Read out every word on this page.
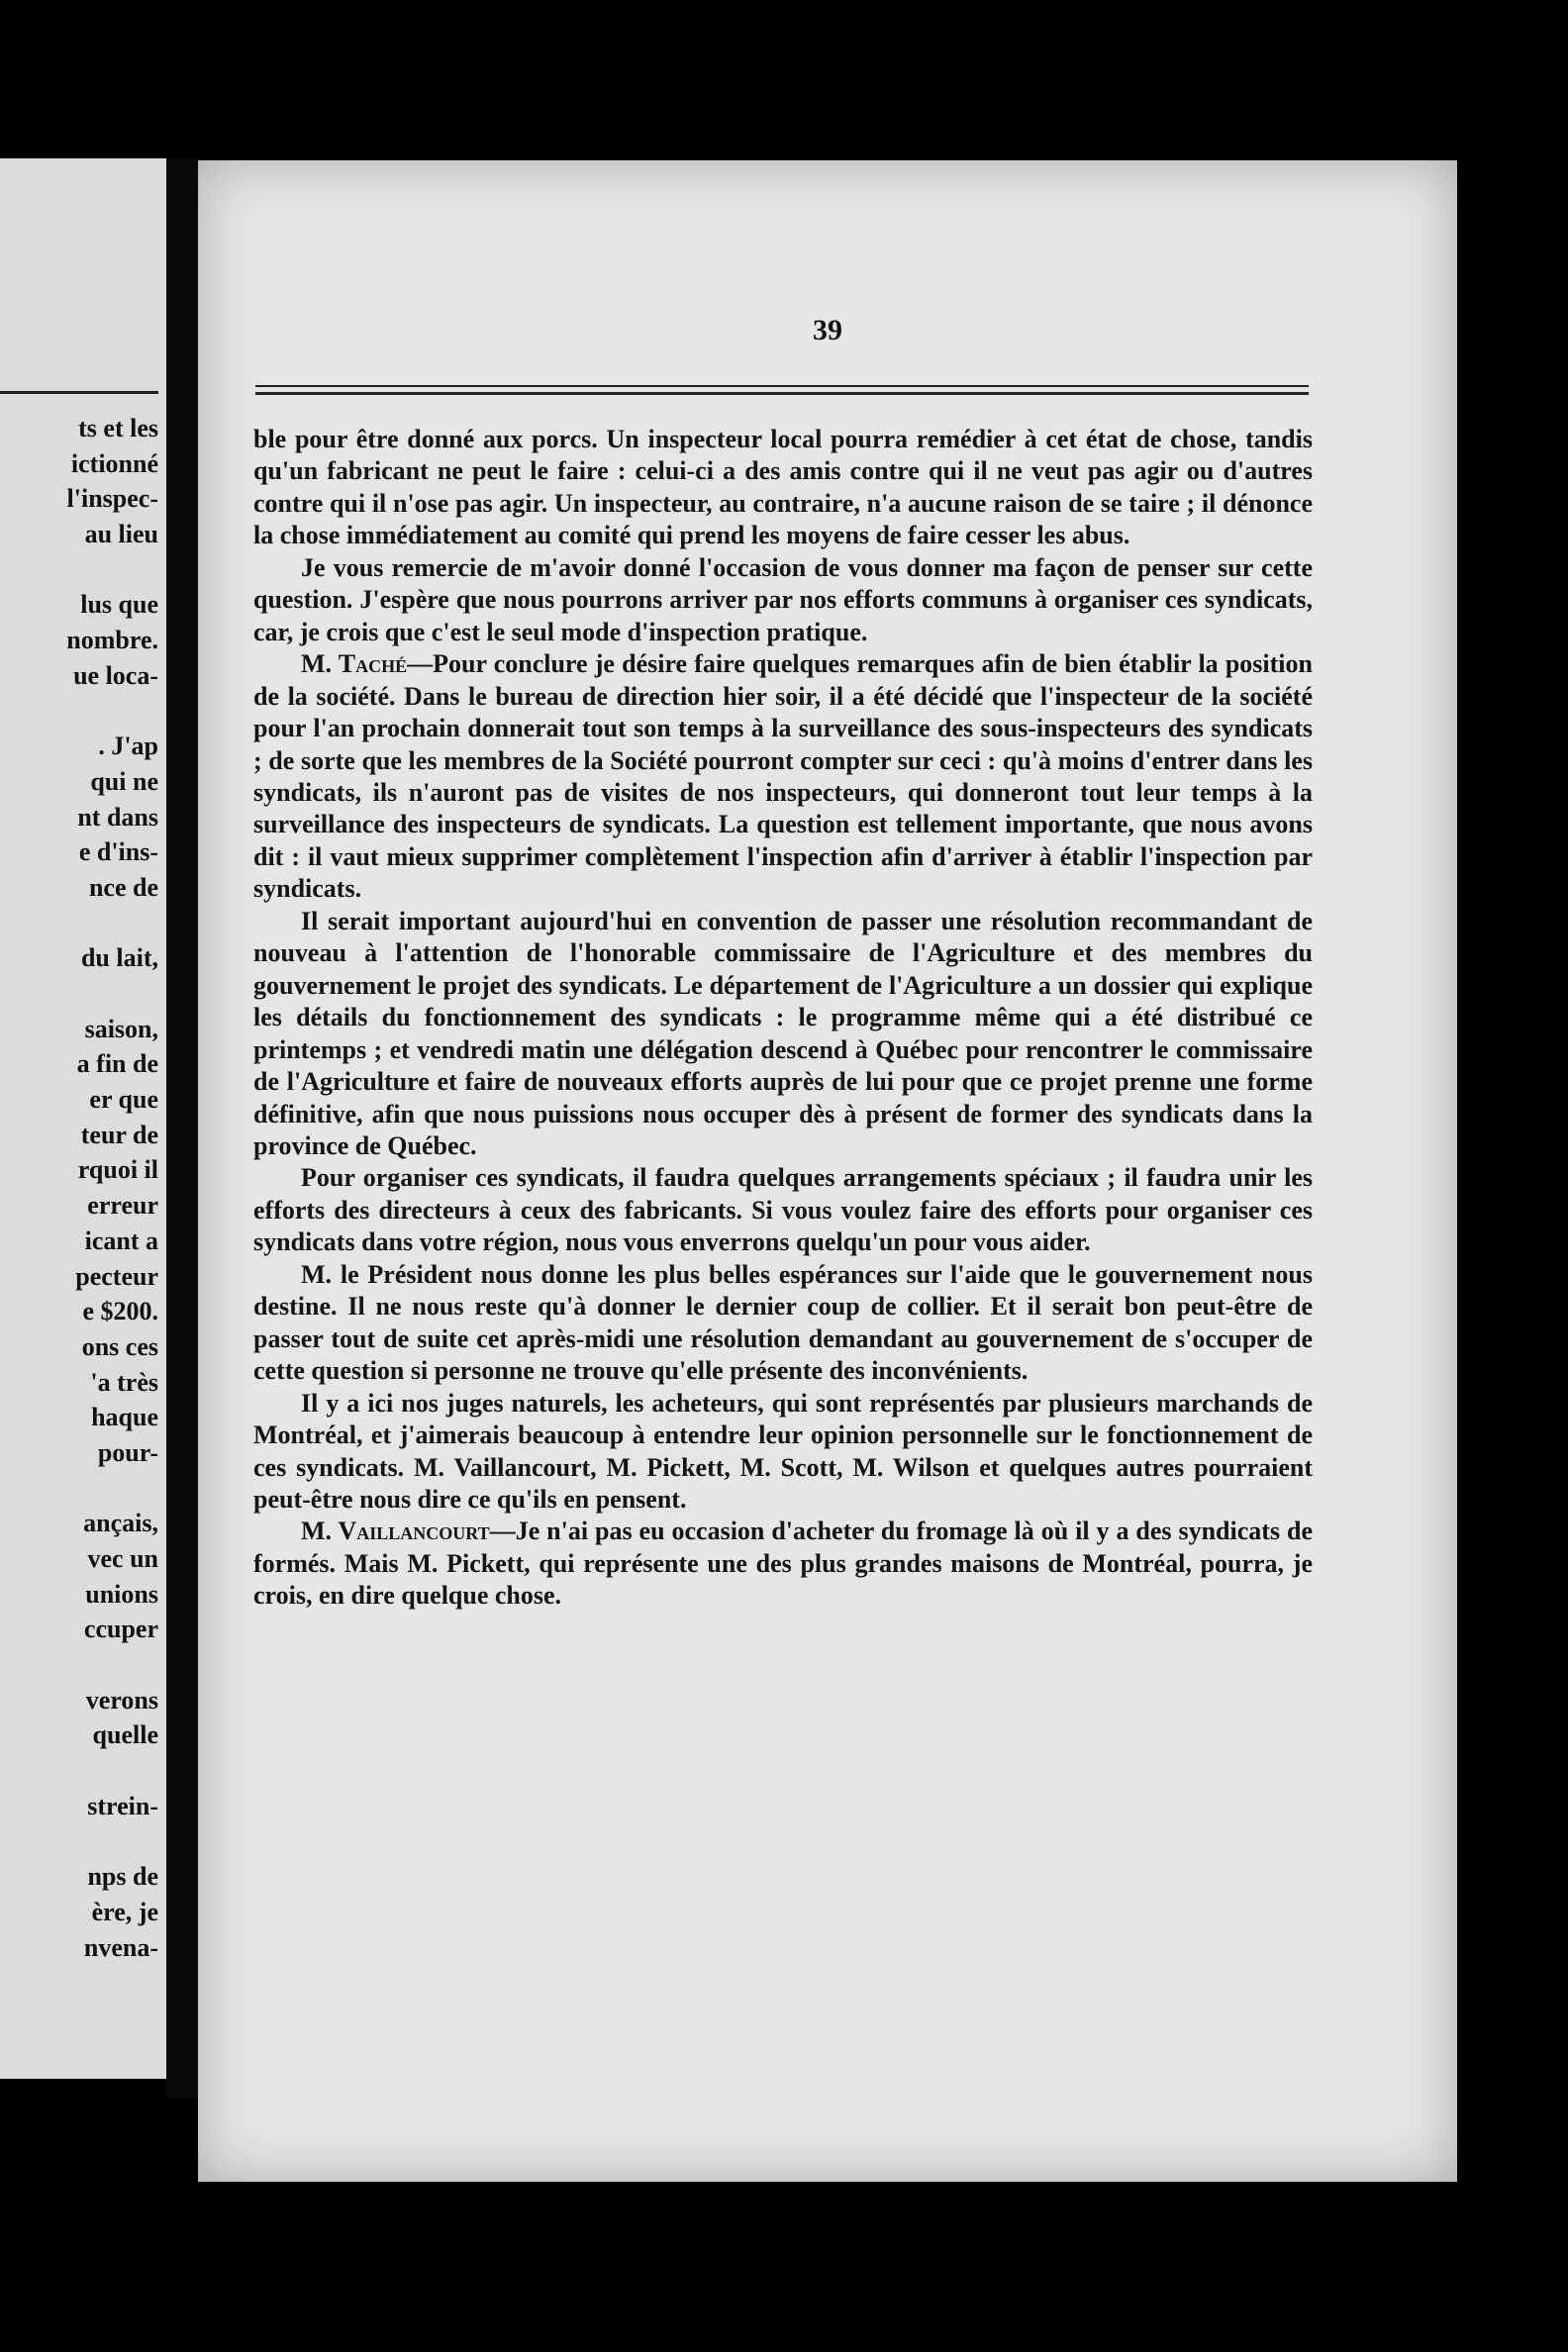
ts et les
ictionné
l'inspec-
au lieu
lus que
nombre.
ue loca-
. J'ap
qui ne
nt dans
e d'ins-
nce de
du lait,
saison,
a fin de
er que
teur de
rquoi il
erreur
icant a
pecteur
e $200.
ons ces
'a très
haque
pour-
ançais,
vec un
unions
ccuper
verons
quelle
strein-
nps de
ère, je
nvena-
39

ble pour être donné aux porcs. Un inspecteur local pourra remédier à cet état de chose, tandis qu'un fabricant ne peut le faire : celui-ci a des amis contre qui il ne veut pas agir ou d'autres contre qui il n'ose pas agir. Un inspecteur, au contraire, n'a aucune raison de se taire ; il dénonce la chose immédiatement au comité qui prend les moyens de faire cesser les abus.

Je vous remercie de m'avoir donné l'occasion de vous donner ma façon de penser sur cette question. J'espère que nous pourrons arriver par nos efforts communs à organiser ces syndicats, car, je crois que c'est le seul mode d'inspection pratique.

M. Taché—Pour conclure je désire faire quelques remarques afin de bien établir la position de la société. Dans le bureau de direction hier soir, il a été décidé que l'inspecteur de la société pour l'an prochain donnerait tout son temps à la surveillance des sous-inspecteurs des syndicats ; de sorte que les membres de la Société pourront compter sur ceci : qu'à moins d'entrer dans les syndicats, ils n'auront pas de visites de nos inspecteurs, qui donneront tout leur temps à la surveillance des inspecteurs de syndicats. La question est tellement importante, que nous avons dit : il vaut mieux supprimer complètement l'inspection afin d'arriver à établir l'inspection par syndicats.

Il serait important aujourd'hui en convention de passer une résolution recommandant de nouveau à l'attention de l'honorable commissaire de l'Agriculture et des membres du gouvernement le projet des syndicats. Le département de l'Agriculture a un dossier qui explique les détails du fonctionnement des syndicats : le programme même qui a été distribué ce printemps ; et vendredi matin une délégation descend à Québec pour rencontrer le commissaire de l'Agriculture et faire de nouveaux efforts auprès de lui pour que ce projet prenne une forme définitive, afin que nous puissions nous occuper dès à présent de former des syndicats dans la province de Québec.

Pour organiser ces syndicats, il faudra quelques arrangements spéciaux ; il faudra unir les efforts des directeurs à ceux des fabricants. Si vous voulez faire des efforts pour organiser ces syndicats dans votre région, nous vous enverrons quelqu'un pour vous aider.

M. le Président nous donne les plus belles espérances sur l'aide que le gouvernement nous destine. Il ne nous reste qu'à donner le dernier coup de collier. Et il serait bon peut-être de passer tout de suite cet après-midi une résolution demandant au gouvernement de s'occuper de cette question si personne ne trouve qu'elle présente des inconvénients.

Il y a ici nos juges naturels, les acheteurs, qui sont représentés par plusieurs marchands de Montréal, et j'aimerais beaucoup à entendre leur opinion personnelle sur le fonctionnement de ces syndicats. M. Vaillancourt, M. Pickett, M. Scott, M. Wilson et quelques autres pourraient peut-être nous dire ce qu'ils en pensent.

M. Vaillancourt—Je n'ai pas eu occasion d'acheter du fromage là où il y a des syndicats de formés. Mais M. Pickett, qui représente une des plus grandes maisons de Montréal, pourra, je crois, en dire quelque chose.
